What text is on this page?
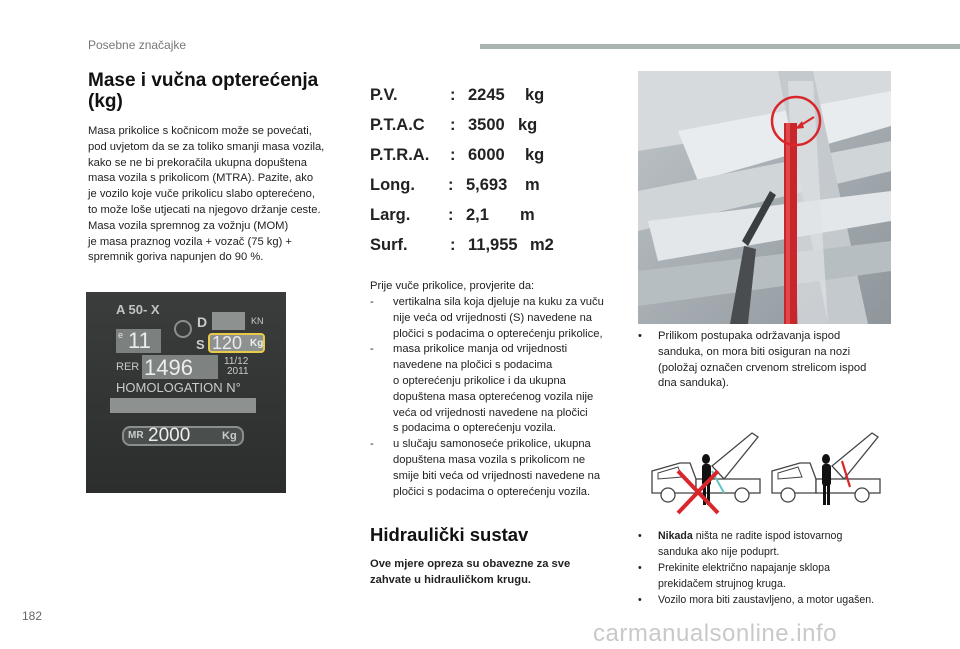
Posebne značajke
Mase i vučna opterećenja (kg)
Masa prikolice s kočnicom može se povećati,
pod uvjetom da se za toliko smanji masa vozila,
kako se ne bi prekoračila ukupna dopuštena
masa vozila s prikolicom (MTRA). Pazite, ako
je vozilo koje vuče prikolicu slabo opterećeno,
to može loše utjecati na njegovo držanje ceste.
Masa vozila spremnog za vožnju (MOM)
je masa praznog vozila + vozač (75 kg) +
spremnik goriva napunjen do 90 %.
A 50- X
D	KN
e 11	S 120 Kg
RER 1496	11/12
2011
HOMOLOGATION N°
MR 2000	Kg
P.V.	: 2245 kg
P.T.A.C : 3500 kg
P.T.R.A. : 6000 kg
Long. : 5,693 m
Larg. : 2,1 m
Surf.	: 11,955 m2
Prije vuče prikolice, provjerite da:
- vertikalna sila koja djeluje na kuku za vuču
nije veća od vrijednosti (S) navedene na
pločici s podacima o opterećenju prikolice,
- masa prikolice manja od vrijednosti
navedene na pločici s podacima
o opterećenju prikolice i da ukupna
dopuštena masa opterećenog vozila nije
veća od vrijednosti navedene na pločici
s podacima o opterećenju vozila.
- u slučaju samonoseće prikolice, ukupna
dopuštena masa vozila s prikolicom ne
smije biti veća od vrijednosti navedene na
pločici s podacima o opterećenju vozila.
Hidraulički sustav
Ove mjere opreza su obavezne za sve
zahvate u hidrauličkom krugu.
• Prilikom postupaka održavanja ispod
sanduka, on mora biti osiguran na nozi
(položaj označen crvenom strelicom ispod
dna sanduka).
• Nikada ništa ne radite ispod istovarnog
sanduka ako nije poduprt.
• Prekinite električno napajanje sklopa
prekidačem strujnog kruga.
• Vozilo mora biti zaustavljeno, a motor ugašen.
182
carmanualsonline.info
